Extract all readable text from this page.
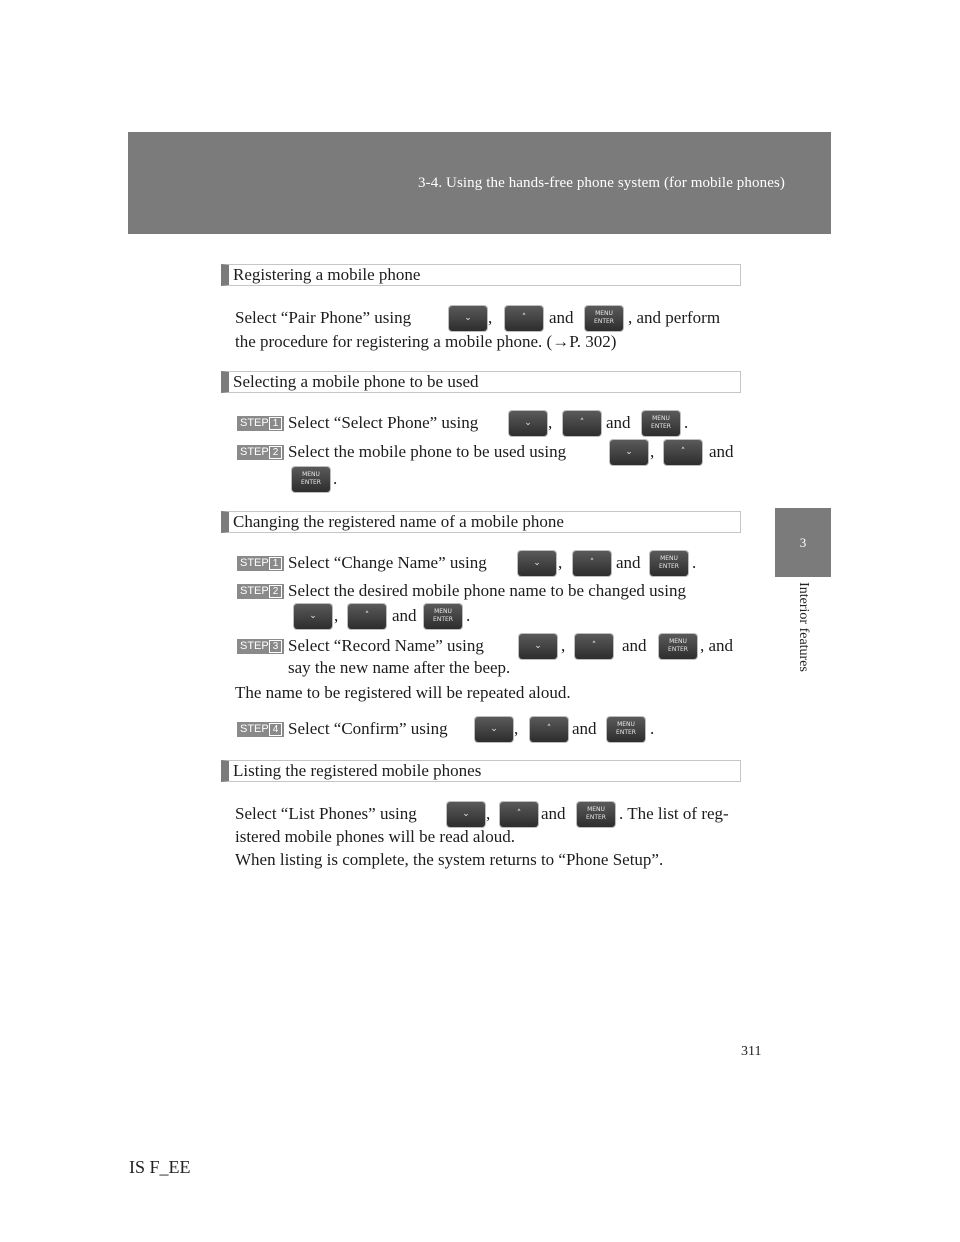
3-4. Using the hands-free phone system (for mobile phones)
3
Interior features
Registering a mobile phone
Select “Pair Phone” using	⌄ ,	˄	and	MENU
ENTER , and perform
the procedure for registering a mobile phone. (→P. 302)
Selecting a mobile phone to be used
STEP 1 Select “Select Phone” using	⌄ ,	˄	and	MENU
ENTER .
STEP 2 Select the mobile phone to be used using	⌄	,	˄	and
MENU
ENTER .
Changing the registered name of a mobile phone
STEP 1 Select “Change Name” using	⌄	,	˄	and	MENU
ENTER .
STEP 2 Select the desired mobile phone name to be changed using
⌄	,	˄	and	MENU
ENTER .
STEP 3 Select “Record Name” using	⌄	,	˄	and	MENU
ENTER , and
say the new name after the beep.
The name to be registered will be repeated aloud.
STEP 4 Select “Confirm” using	⌄ ,	˄	and	MENU
ENTER .
Listing the registered mobile phones
Select “List Phones” using	⌄ ,	˄	and	MENU
ENTER . The list of reg-
istered mobile phones will be read aloud.
When listing is complete, the system returns to “Phone Setup”.
311
IS F_EE
